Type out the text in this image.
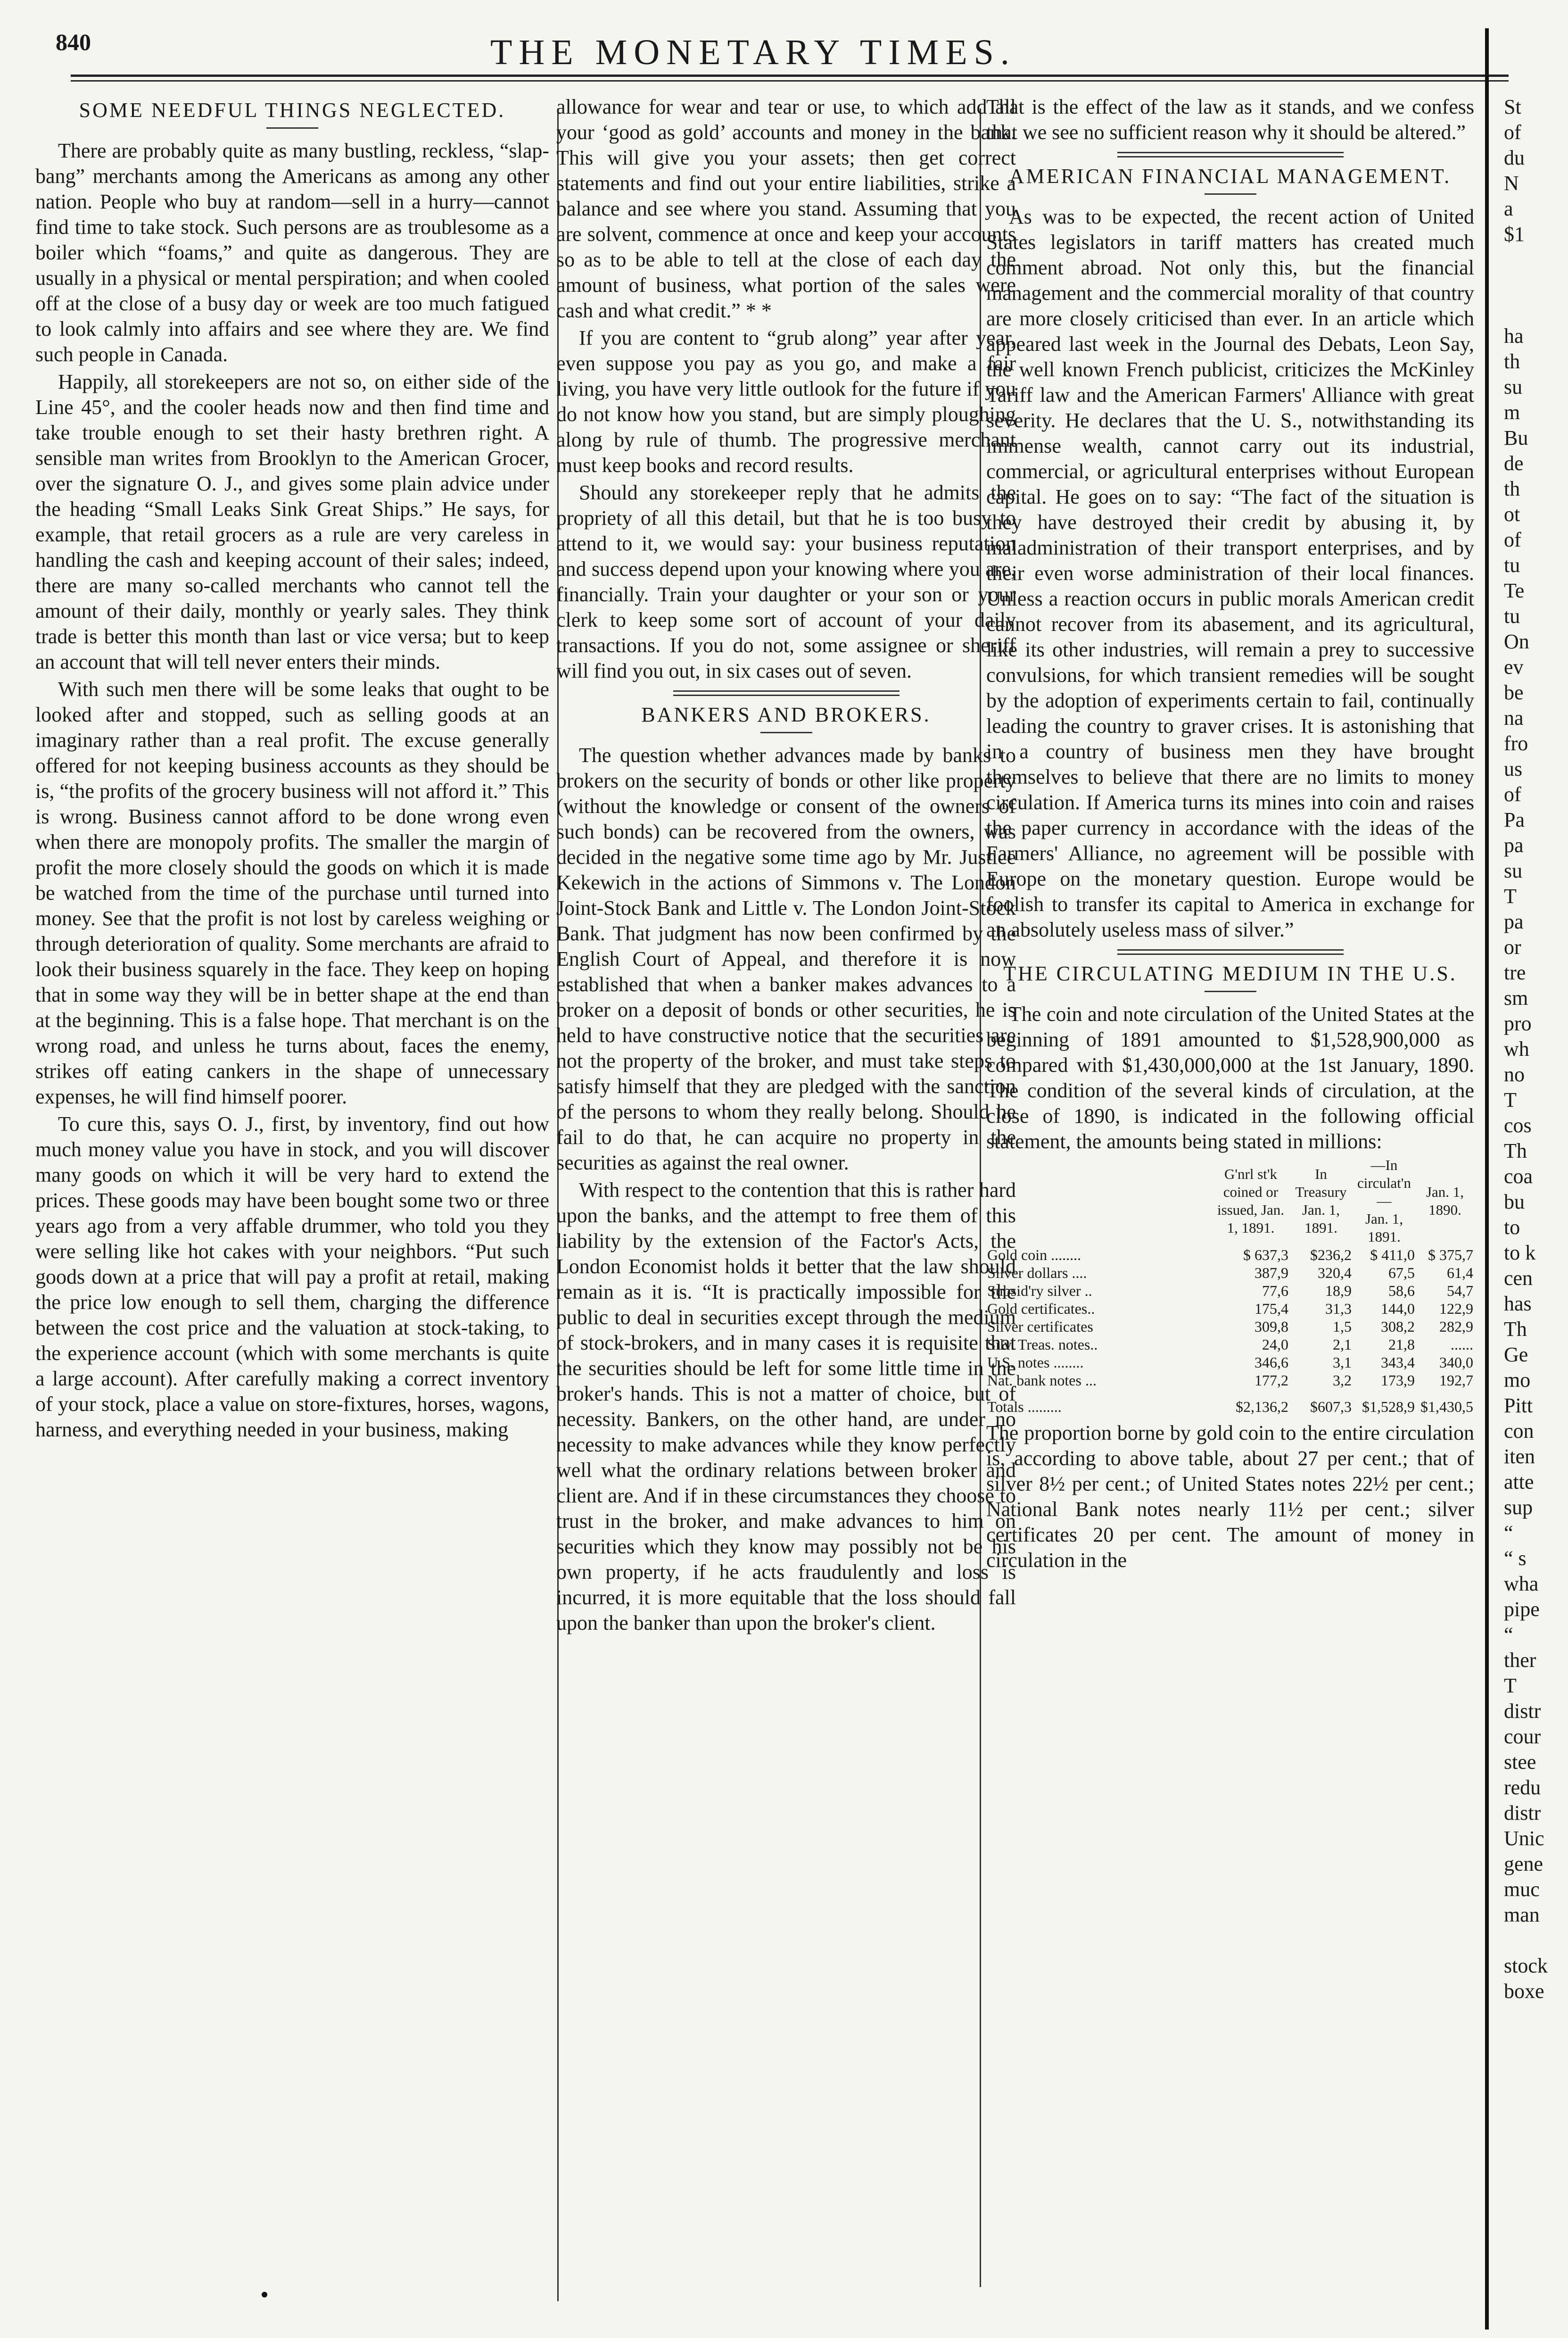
840	THE MONETARY TIMES.
SOME NEEDFUL THINGS NEGLECTED.

There are probably quite as many bustling, reckless, “slap-bang” merchants among the Americans as among any other nation. People who buy at random—sell in a hurry—cannot find time to take stock. Such persons are as troublesome as a boiler which “foams,” and quite as dangerous. They are usually in a physical or mental perspiration; and when cooled off at the close of a busy day or week are too much fatigued to look calmly into affairs and see where they are. We find such people in Canada.

Happily, all storekeepers are not so, on either side of the Line 45°, and the cooler heads now and then find time and take trouble enough to set their hasty brethren right. A sensible man writes from Brooklyn to the American Grocer, over the signature O. J., and gives some plain advice under the heading “Small Leaks Sink Great Ships.” He says, for example, that retail grocers as a rule are very careless in handling the cash and keeping account of their sales; indeed, there are many so-called merchants who cannot tell the amount of their daily, monthly or yearly sales. They think trade is better this month than last or vice versa; but to keep an account that will tell never enters their minds.

With such men there will be some leaks that ought to be looked after and stopped, such as selling goods at an imaginary rather than a real profit. The excuse generally offered for not keeping business accounts as they should be is, “the profits of the grocery business will not afford it.” This is wrong. Business cannot afford to be done wrong even when there are monopoly profits. The smaller the margin of profit the more closely should the goods on which it is made be watched from the time of the purchase until turned into money. See that the profit is not lost by careless weighing or through deterioration of quality. Some merchants are afraid to look their business squarely in the face. They keep on hoping that in some way they will be in better shape at the end than at the beginning. This is a false hope. That merchant is on the wrong road, and unless he turns about, faces the enemy, strikes off eating cankers in the shape of unnecessary expenses, he will find himself poorer.

To cure this, says O. J., first, by inventory, find out how much money value you have in stock, and you will discover many goods on which it will be very hard to extend the prices. These goods may have been bought some two or three years ago from a very affable drummer, who told you they were selling like hot cakes with your neighbors. “Put such goods down at a price that will pay a profit at retail, making the price low enough to sell them, charging the difference between the cost price and the valuation at stock-taking, to the experience account (which with some merchants is quite a large account). After carefully making a correct inventory of your stock, place a value on store-fixtures, horses, wagons, harness, and everything needed in your business, making

allowance for wear and tear or use, to which add all your ‘good as gold’ accounts and money in the bank. This will give you your assets; then get correct statements and find out your entire liabilities, strike a balance and see where you stand. Assuming that you are solvent, commence at once and keep your accounts so as to be able to tell at the close of each day the amount of business, what portion of the sales were cash and what credit.” * *

If you are content to “grub along” year after year, even suppose you pay as you go, and make a fair living, you have very little outlook for the future if you do not know how you stand, but are simply ploughing along by rule of thumb. The progressive merchant must keep books and record results.

Should any storekeeper reply that he admits the propriety of all this detail, but that he is too busy to attend to it, we would say: your business reputation and success depend upon your knowing where you are, financially. Train your daughter or your son or your clerk to keep some sort of account of your daily transactions. If you do not, some assignee or sheriff will find you out, in six cases out of seven.

BANKERS AND BROKERS.

The question whether advances made by banks to brokers on the security of bonds or other like property (without the knowledge or consent of the owners of such bonds) can be recovered from the owners, was decided in the negative some time ago by Mr. Justice Kekewich in the actions of Simmons v. The London Joint-Stock Bank and Little v. The London Joint-Stock Bank. That judgment has now been confirmed by the English Court of Appeal, and therefore it is now established that when a banker makes advances to a broker on a deposit of bonds or other securities, he is held to have constructive notice that the securities are not the property of the broker, and must take steps to satisfy himself that they are pledged with the sanction of the persons to whom they really belong. Should he fail to do that, he can acquire no property in the securities as against the real owner.

With respect to the contention that this is rather hard upon the banks, and the attempt to free them of this liability by the extension of the Factor's Acts, the London Economist holds it better that the law should remain as it is. “It is practically impossible for the public to deal in securities except through the medium of stock-brokers, and in many cases it is requisite that the securities should be left for some little time in the broker's hands. This is not a matter of choice, but of necessity. Bankers, on the other hand, are under no necessity to make advances while they know perfectly well what the ordinary relations between broker and client are. And if in these circumstances they choose to trust in the broker, and make advances to him on securities which they know may possibly not be his own property, if he acts fraudulently and loss is incurred, it is more equitable that the loss should fall upon the banker than upon the broker's client.

That is the effect of the law as it stands, and we confess that we see no sufficient reason why it should be altered.”

AMERICAN FINANCIAL MANAGEMENT.

As was to be expected, the recent action of United States legislators in tariff matters has created much comment abroad. Not only this, but the financial management and the commercial morality of that country are more closely criticised than ever. In an article which appeared last week in the Journal des Debats, Leon Say, the well known French publicist, criticizes the McKinley Tariff law and the American Farmers' Alliance with great severity. He declares that the U. S., notwithstanding its immense wealth, cannot carry out its industrial, commercial, or agricultural enterprises without European capital. He goes on to say: “The fact of the situation is they have destroyed their credit by abusing it, by maladministration of their transport enterprises, and by their even worse administration of their local finances. Unless a reaction occurs in public morals American credit cannot recover from its abasement, and its agricultural, like its other industries, will remain a prey to successive convulsions, for which transient remedies will be sought by the adoption of experiments certain to fail, continually leading the country to graver crises. It is astonishing that in a country of business men they have brought themselves to believe that there are no limits to money circulation. If America turns its mines into coin and raises the paper currency in accordance with the ideas of the Farmers' Alliance, no agreement will be possible with Europe on the monetary question. Europe would be foolish to transfer its capital to America in exchange for an absolutely useless mass of silver.”

THE CIRCULATING MEDIUM IN THE U.S.

The coin and note circulation of the United States at the beginning of 1891 amounted to $1,528,900,000 as compared with $1,430,000,000 at the 1st January, 1890. The condition of the several kinds of circulation, at the close of 1890, is indicated in the following official statement, the amounts being stated in millions:

	G'nrl st'k coined or issued, Jan. 1, 1891.	In Treasury Jan. 1, 1891.	—In circulat'n—
Jan. 1, 1891.	Jan. 1, 1890.
Gold coin ........	$ 637,3	$236,2	$ 411,0	$ 375,7
Silver dollars ....	387,9	320,4	67,5	61,4
Subsid'ry silver ..	77,6	18,9	58,6	54,7
Gold certificates..	175,4	31,3	144,0	122,9
Silver certificates	309,8	1,5	308,2	282,9
Silv. Treas. notes..	24,0	2,1	21,8	......
U.S. notes ........	346,6	3,1	343,4	340,0
Nat. bank notes ...	177,2	3,2	173,9	192,7
Totals .........	$2,136,2	$607,3	$1,528,9	$1,430,5

The proportion borne by gold coin to the entire circulation is, according to above table, about 27 per cent.; that of silver 8½ per cent.; of United States notes 22½ per cent.; National Bank notes nearly 11½ per cent.; silver certificates 20 per cent. The amount of money in circulation in the

St

of

du

N

a

$1

ha

th

su

m

Bu

de

th

ot

of

tu

Te

tu

On

ev

be

na

fro

us

of

Pa

pa

su

T

pa

or

tre

sm

pro

wh

no

T

cos

Th

coa

bu

to

to k

cen

has

Th

Ge

mo

Pitt

con

iten

atte

sup

“

“ s

wha

pipe

“

ther

T

distr

cour

stee

redu

distr

Unic

gene

muc

man

stock

boxe
